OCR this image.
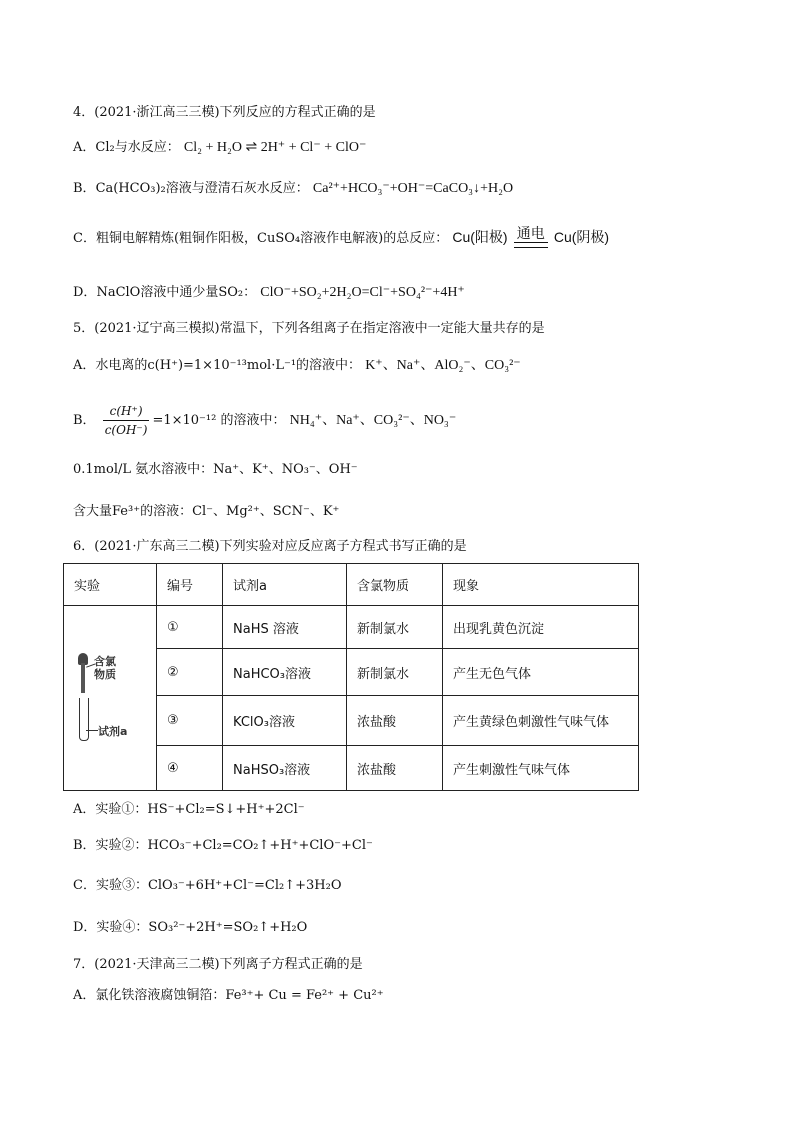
4．(2021·浙江高三三模)下列反应的方程式正确的是
A．Cl₂与水反应： Cl₂ + H₂O ⇌ 2H⁺ + Cl⁻ + ClO⁻
B．Ca(HCO₃)₂溶液与澄清石灰水反应： Ca²⁺+HCO₃⁻+OH⁻=CaCO₃↓+H₂O
C．粗铜电解精炼(粗铜作阳极，CuSO₄溶液作电解液)的总反应： Cu(阳极) 通电 Cu(阴极)
D．NaClO溶液中通少量SO₂： ClO⁻+SO₂+2H₂O=Cl⁻+SO₄²⁻+4H⁺
5．(2021·辽宁高三模拟)常温下，下列各组离子在指定溶液中一定能大量共存的是
A．水电离的c(H⁺)=1×10⁻¹³mol·L⁻¹的溶液中： K⁺、Na⁺、AlO₂⁻、CO₃²⁻
B． $\frac{c(H^+)}{c(OH^-)} =1\times 10^{-12}$ 的溶液中： NH₄⁺、Na⁺、CO₃²⁻、NO₃⁻
0.1mol/L 氨水溶液中：Na⁺、K⁺、NO₃⁻、OH⁻
含大量Fe³⁺的溶液：Cl⁻、Mg²⁺、SCN⁻、K⁺
6．(2021·广东高三二模)下列实验对应反应离子方程式书写正确的是
实验	编号	试剂a	含氯物质	现象

含氯物质
试剂a	①	NaHS 溶液	新制氯水	出现乳黄色沉淀
	②	NaHCO₃溶液	新制氯水	产生无色气体
	③	KClO₃溶液	浓盐酸	产生黄绿色刺激性气味气体
	④	NaHSO₃溶液	浓盐酸	产生刺激性气味气体
A．实验①：HS⁻+Cl₂=S↓+H⁺+2Cl⁻
B．实验②：HCO₃⁻+Cl₂=CO₂↑+H⁺+ClO⁻+Cl⁻
C．实验③：ClO₃⁻+6H⁺+Cl⁻=Cl₂↑+3H₂O
D．实验④：SO₃²⁻+2H⁺=SO₂↑+H₂O
7．(2021·天津高三二模)下列离子方程式正确的是
A．氯化铁溶液腐蚀铜箔：Fe³⁺+ Cu = Fe²⁺ + Cu²⁺
